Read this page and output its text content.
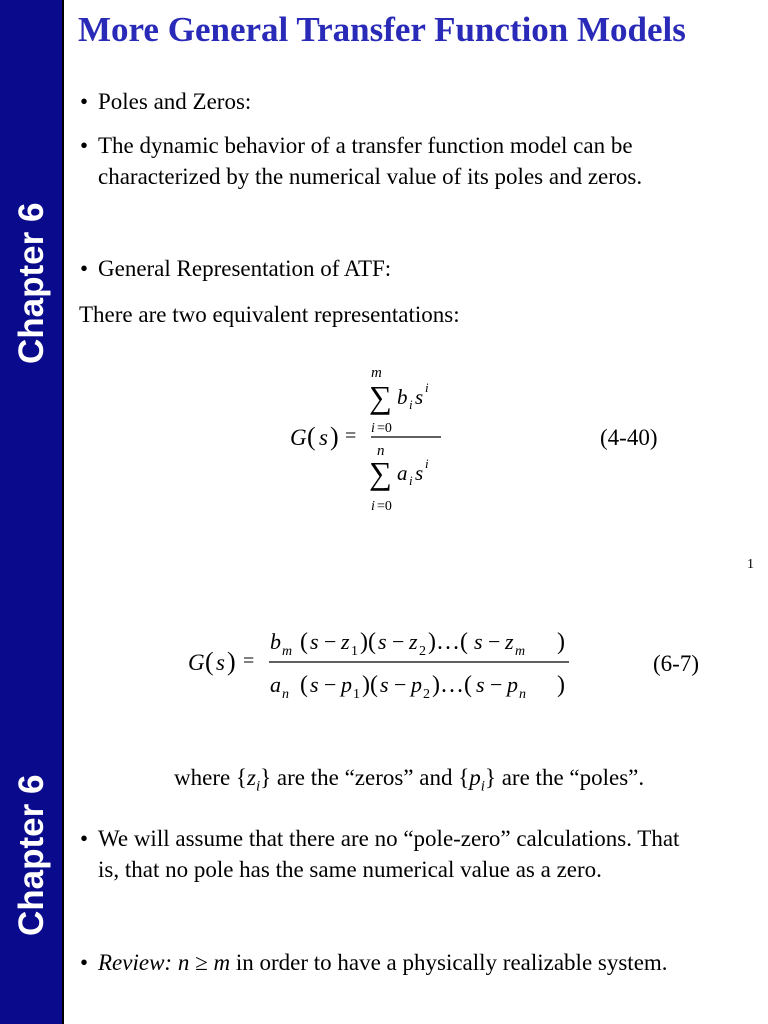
Chapter 6
More General Transfer Function Models
• Poles and Zeros:
• The dynamic behavior of a transfer function model can be
characterized by the numerical value of its poles and zeros.
• General Representation of ATF:
There are two equivalent representations:
G ( s ) =
m
∑ b i s i
i =0
n
∑ a i s i
i =0
(4-40)
1
Chapter 6
G ( s ) =
b m ( s − z 1 )( s − z 2 )…( s − z m )
a n ( s − p 1 )( s − p 2 )…( s − p n )
(6-7)
where $\{z_i\}$ are the “zeros” and $\{p_i\}$ are the “poles”.
• We will assume that there are no “pole-zero” calculations. That
is, that no pole has the same numerical value as a zero.
• Review: n ≥ m in order to have a physically realizable system.
